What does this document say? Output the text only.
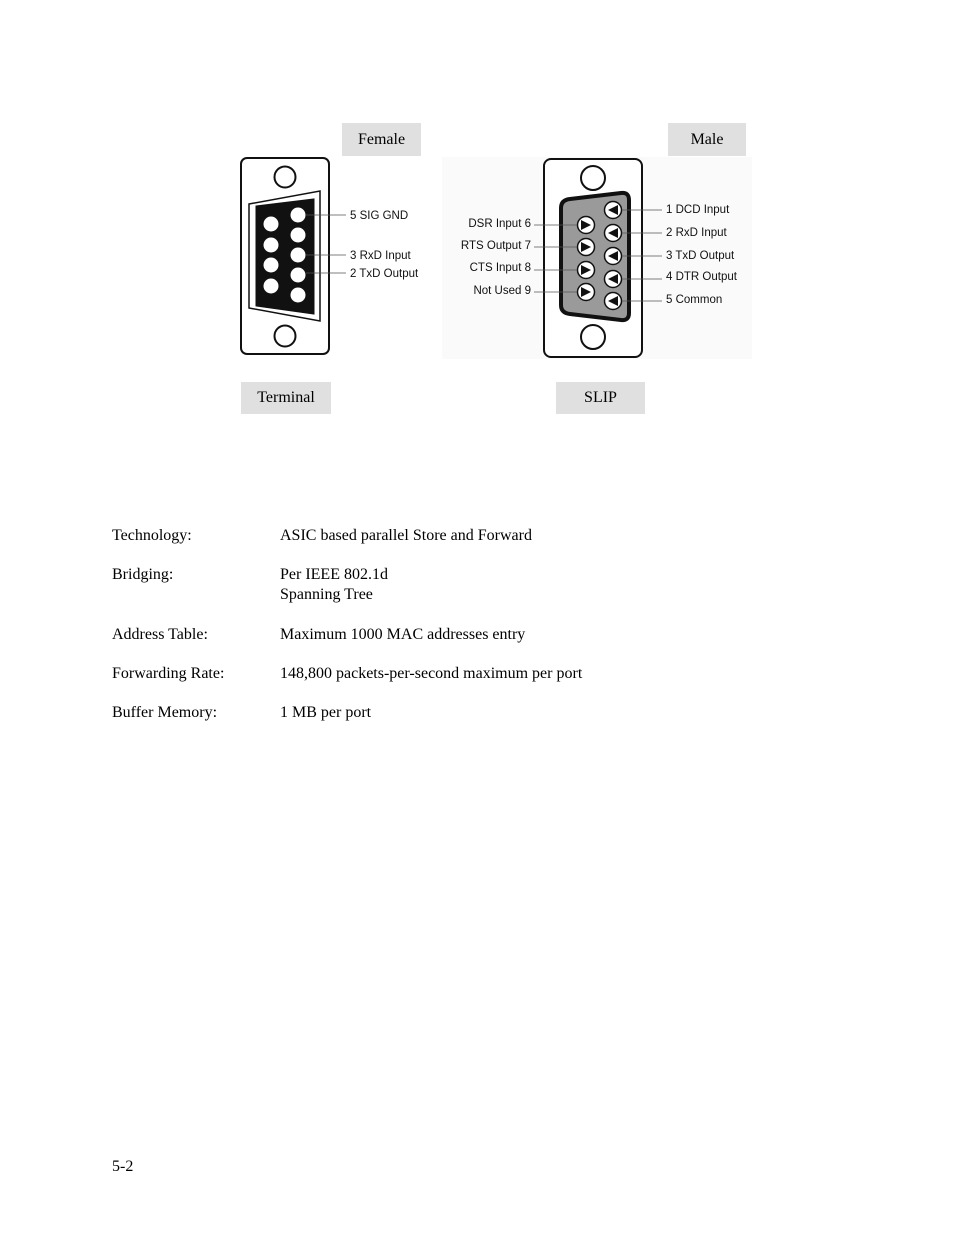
Female	Male
Terminal	SLIP
5 SIG GND
3 RxD Input
2 TxD Output
DSR Input 6
RTS Output 7
CTS Input 8
Not Used 9
1 DCD Input
2 RxD Input
3 TxD Output
4 DTR Output
5 Common
Technology:	ASIC based parallel Store and Forward
Bridging:	Per IEEE 802.1d
Spanning Tree
Address Table:	Maximum 1000 MAC addresses entry
Forwarding Rate:	148,800 packets-per-second maximum per port
Buffer Memory:	1 MB per port
5-2
